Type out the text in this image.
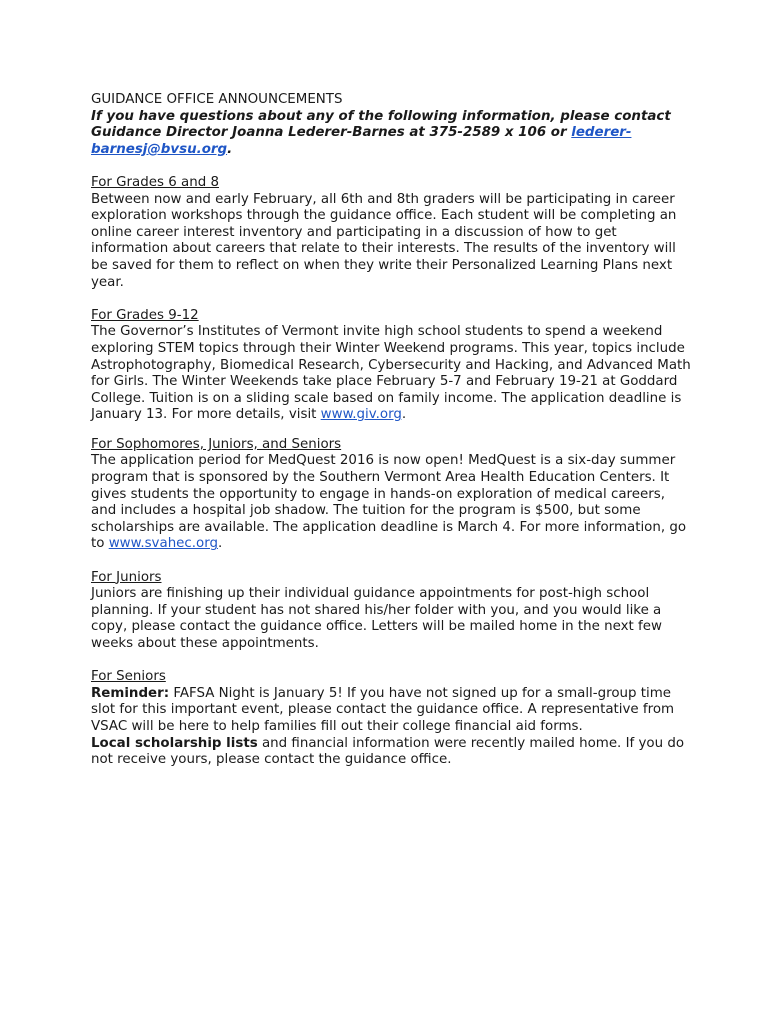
GUIDANCE OFFICE ANNOUNCEMENTS
If you have questions about any of the following information, please contact Guidance Director Joanna Lederer-Barnes at 375-2589 x 106 or lederer-barnesj@bvsu.org.
For Grades 6 and 8
Between now and early February, all 6th and 8th graders will be participating in career exploration workshops through the guidance office. Each student will be completing an online career interest inventory and participating in a discussion of how to get information about careers that relate to their interests. The results of the inventory will be saved for them to reflect on when they write their Personalized Learning Plans next year.
For Grades 9-12
The Governor’s Institutes of Vermont invite high school students to spend a weekend exploring STEM topics through their Winter Weekend programs. This year, topics include Astrophotography, Biomedical Research, Cybersecurity and Hacking, and Advanced Math for Girls. The Winter Weekends take place February 5-7 and February 19-21 at Goddard College. Tuition is on a sliding scale based on family income. The application deadline is January 13. For more details, visit www.giv.org.
For Sophomores, Juniors, and Seniors
The application period for MedQuest 2016 is now open! MedQuest is a six-day summer program that is sponsored by the Southern Vermont Area Health Education Centers. It gives students the opportunity to engage in hands-on exploration of medical careers, and includes a hospital job shadow. The tuition for the program is $500, but some scholarships are available. The application deadline is March 4. For more information, go to www.svahec.org.
For Juniors
Juniors are finishing up their individual guidance appointments for post-high school planning. If your student has not shared his/her folder with you, and you would like a copy, please contact the guidance office. Letters will be mailed home in the next few weeks about these appointments.
For Seniors
Reminder: FAFSA Night is January 5! If you have not signed up for a small-group time slot for this important event, please contact the guidance office. A representative from VSAC will be here to help families fill out their college financial aid forms.
Local scholarship lists and financial information were recently mailed home. If you do not receive yours, please contact the guidance office.
